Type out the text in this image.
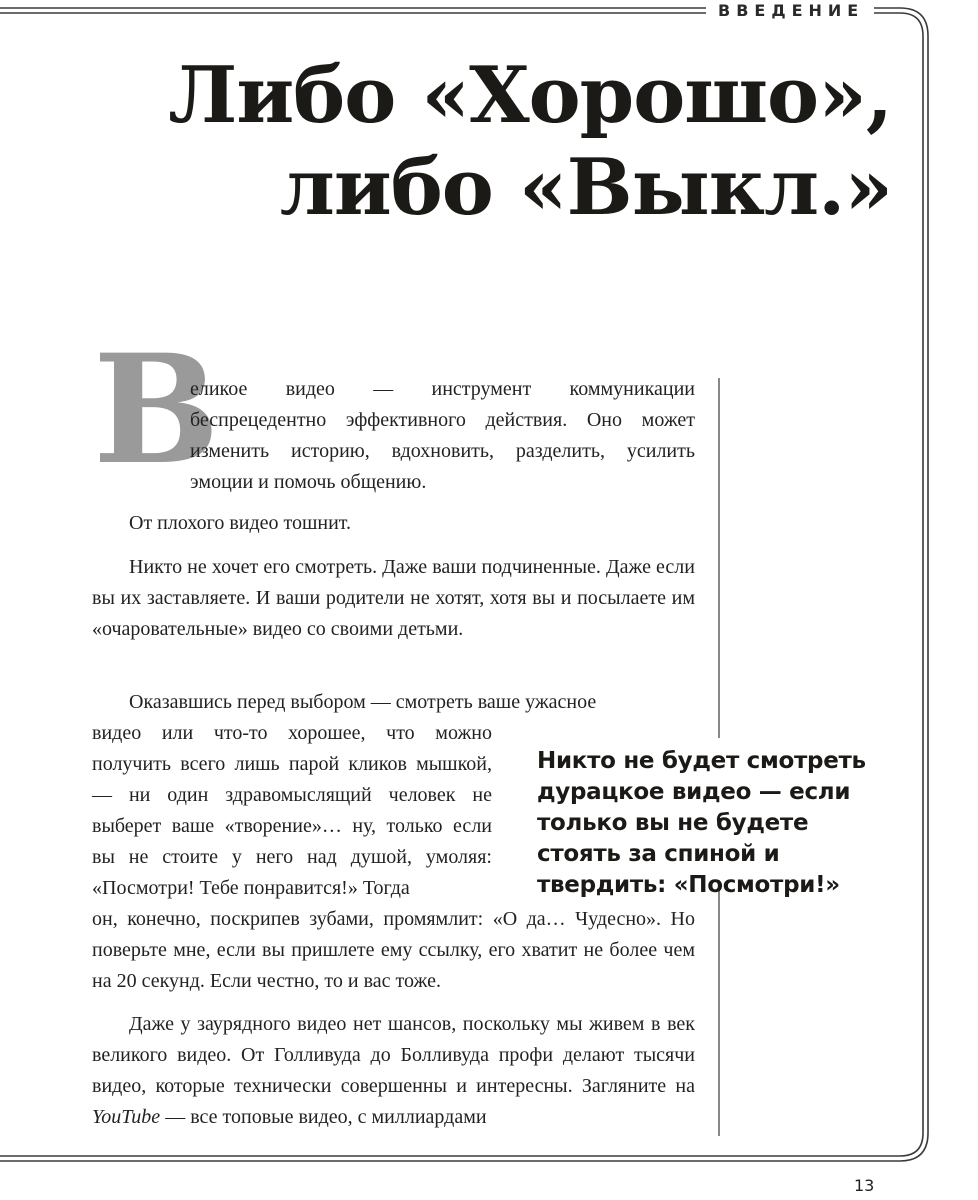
ВВЕДЕНИЕ
Либо «Хорошо»,
либо «Выкл.»
В

еликое видео — инструмент коммуникации беспрецедентно эффективного действия. Оно может изменить историю, вдохновить, разделить, усилить эмоции и помочь общению.

От плохого видео тошнит.

Никто не хочет его смотреть. Даже ваши подчиненные. Даже если вы их заставляете. И ваши родители не хотят, хотя вы и посылаете им «очаровательные» видео со своими детьми.

Оказавшись перед выбором — смотреть ваше ужасное

видео или что-то хорошее, что можно получить всего лишь парой кликов мышкой, — ни один здравомыслящий человек не выберет ваше «творение»… ну, только если вы не стоите у него над душой, умоляя: «Посмотри! Тебе понравится!» Тогда

он, конечно, поскрипев зубами, промямлит: «О да… Чудесно». Но поверьте мне, если вы пришлете ему ссылку, его хватит не более чем на 20 секунд. Если честно, то и вас тоже.

Даже у заурядного видео нет шансов, поскольку мы живем в век великого видео. От Голливуда до Болливуда профи делают тысячи видео, которые технически совершенны и интересны. Загляните на YouTube — все топовые видео, с миллиардами

Никто не будет смотреть дурацкое видео — если только вы не будете стоять за спиной и твердить: «Посмотри!»

13
